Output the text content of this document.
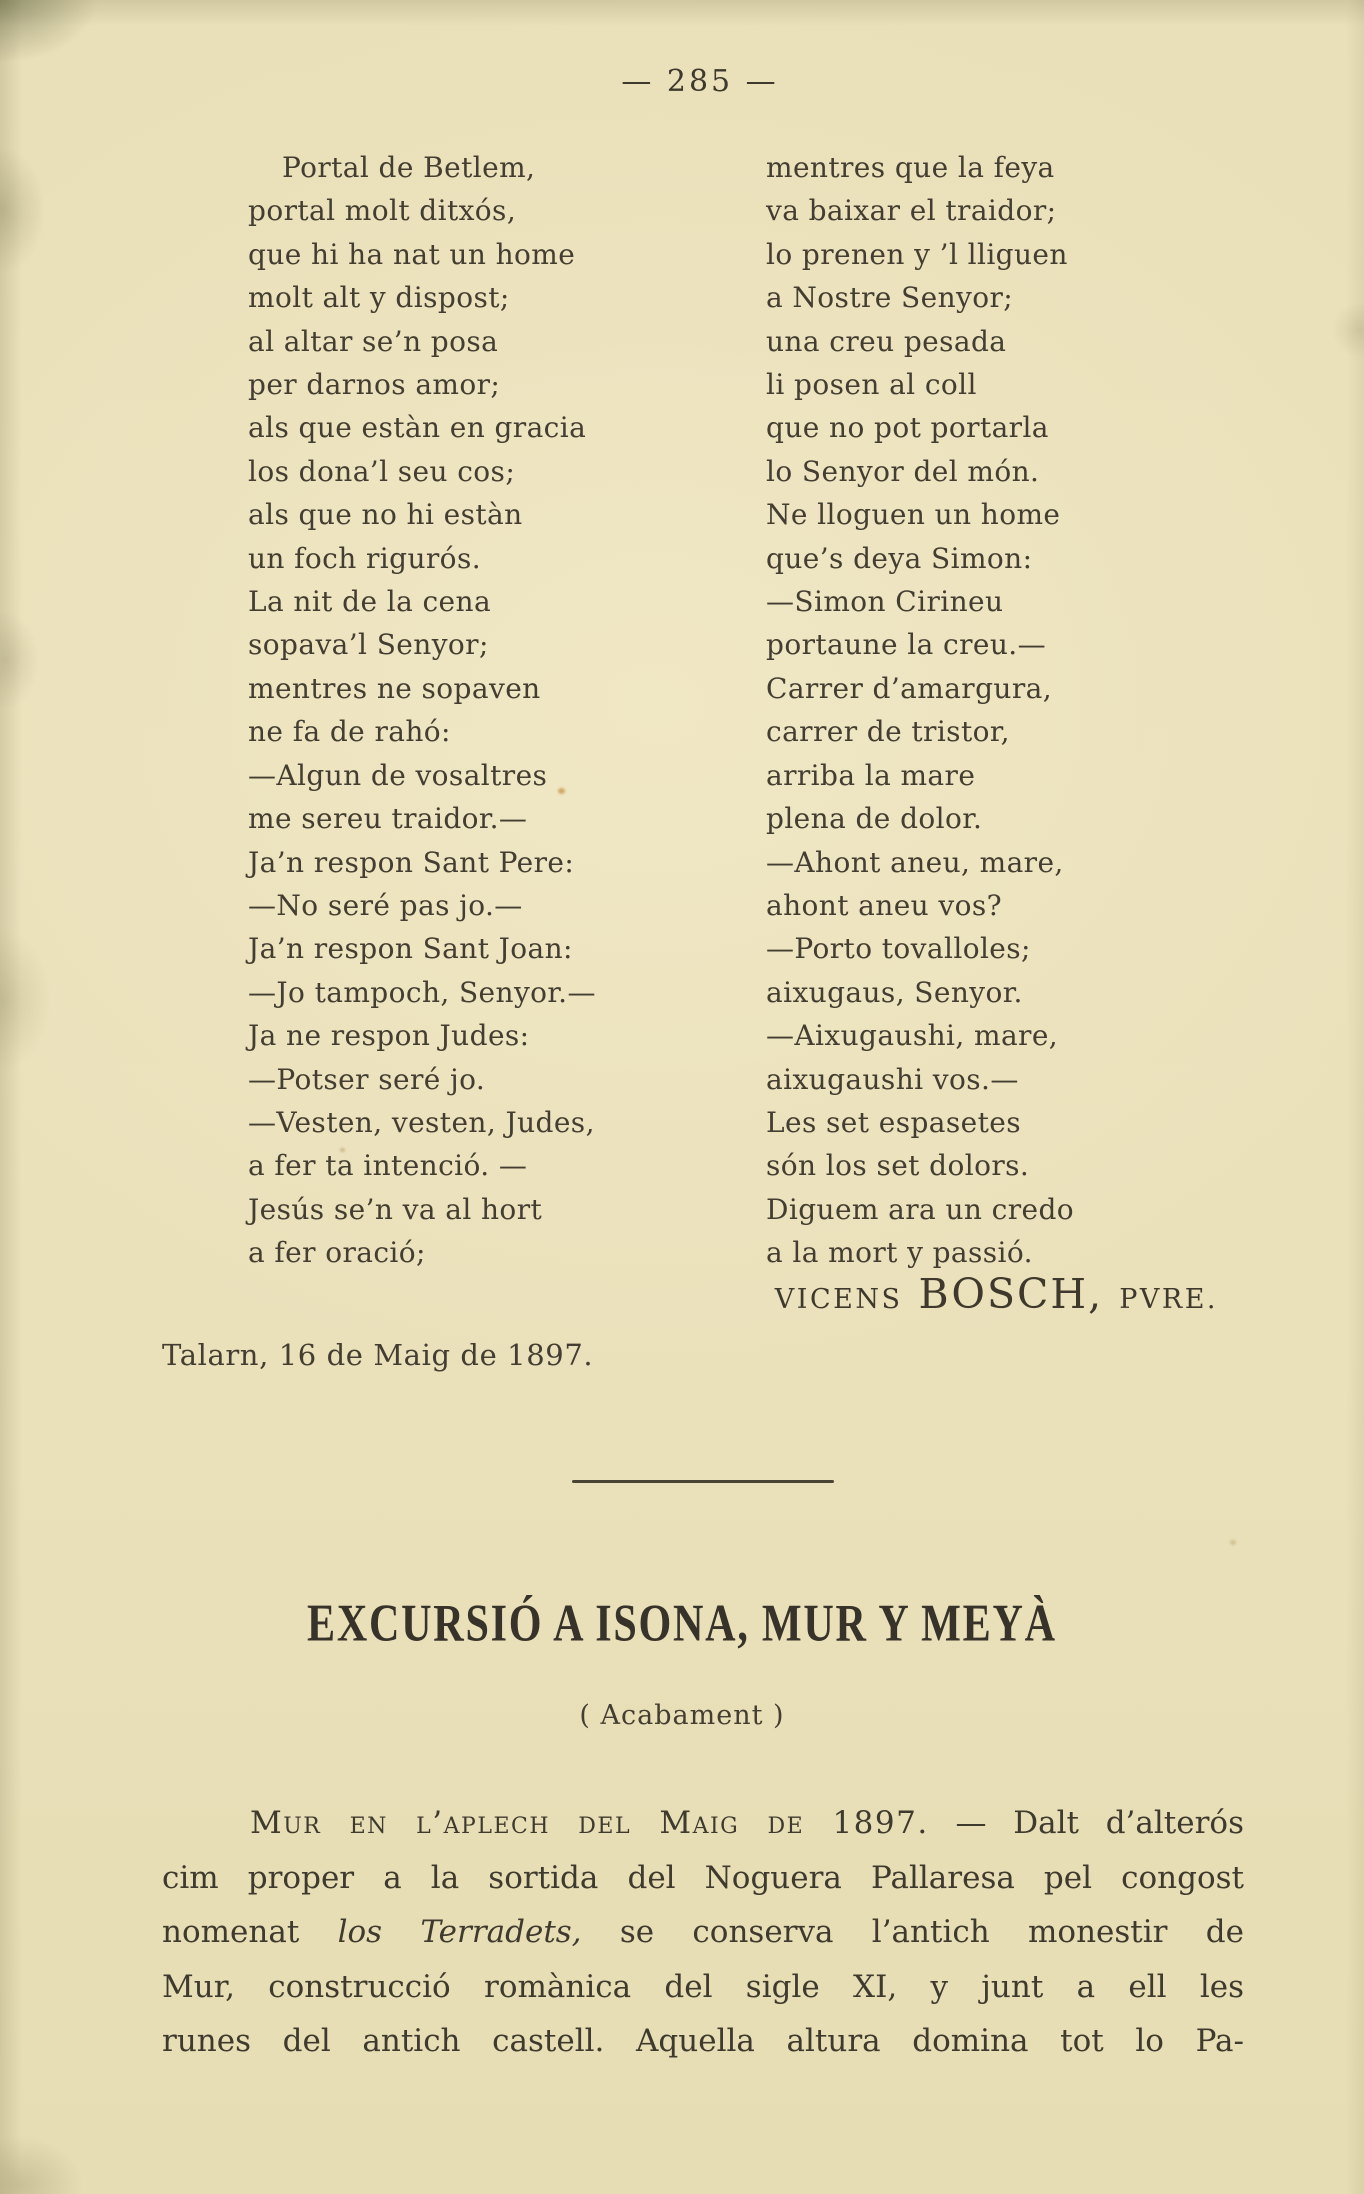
— 285 —
Portal de Betlem,
portal molt ditxós,
que hi ha nat un home
molt alt y dispost;
al altar se’n posa
per darnos amor;
als que estàn en gracia
los dona’l seu cos;
als que no hi estàn
un foch rigurós.
La nit de la cena
sopava’l Senyor;
mentres ne sopaven
ne fa de rahó:
—Algun de vosaltres
me sereu traidor.—
Ja’n respon Sant Pere:
—No seré pas jo.—
Ja’n respon Sant Joan:
—Jo tampoch, Senyor.—
Ja ne respon Judes:
—Potser seré jo.
—Vesten, vesten, Judes,
a fer ta intenció. —
Jesús se’n va al hort
a fer oració;
mentres que la feya
va baixar el traidor;
lo prenen y ’l lliguen
a Nostre Senyor;
una creu pesada
li posen al coll
que no pot portarla
lo Senyor del món.
Ne lloguen un home
que’s deya Simon:
—Simon Cirineu
portaune la creu.—
Carrer d’amargura,
carrer de tristor,
arriba la mare
plena de dolor.
—Ahont aneu, mare,
ahont aneu vos?
—Porto tovalloles;
aixugaus, Senyor.
—Aixugaushi, mare,
aixugaushi vos.—
Les set espasetes
són los set dolors.
Diguem ara un credo
a la mort y passió.
VICENS BOSCH, PVRE.
Talarn, 16 de Maig de 1897.
EXCURSIÓ A ISONA, MUR Y MEYÀ
( Acabament )
Mur en l’aplech del Maig de 1897. — Dalt d’alterós
cim proper a la sortida del Noguera Pallaresa pel congost
nomenat los Terradets, se conserva l’antich monestir de
Mur, construcció romànica del sigle XI, y junt a ell les
runes del antich castell. Aquella altura domina tot lo Pa-
